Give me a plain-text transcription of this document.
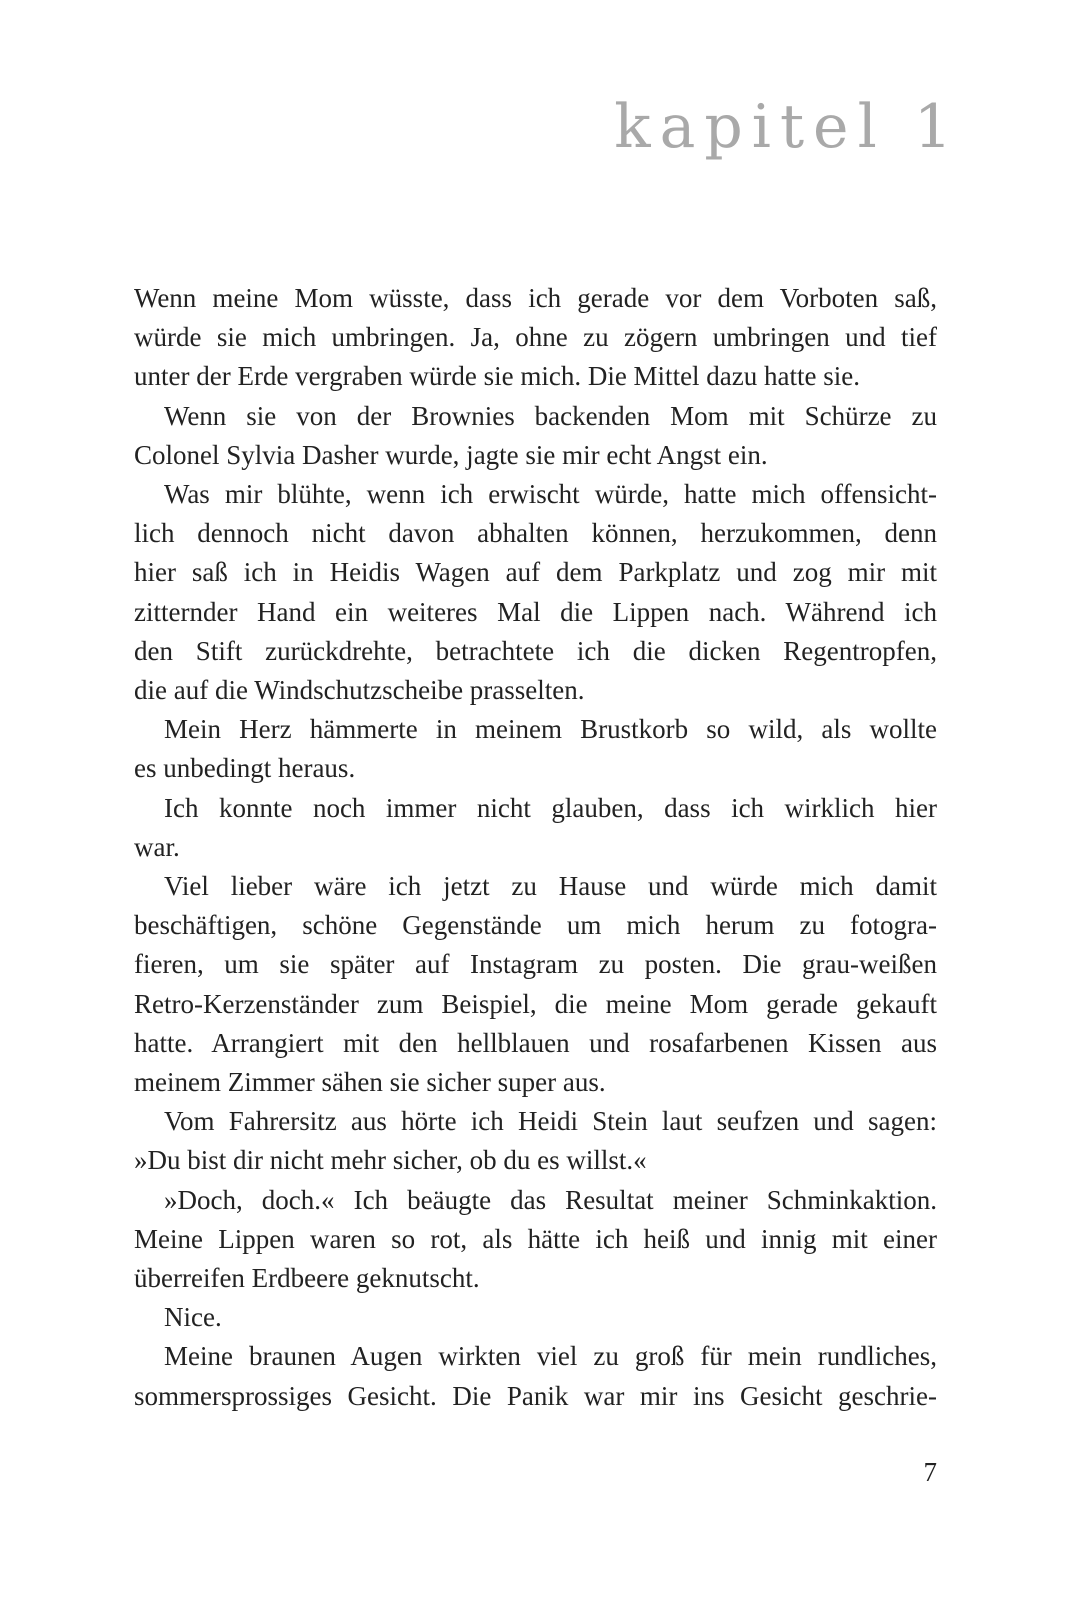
kapitel 1

Wenn meine Mom wüsste, dass ich gerade vor dem Vorboten saß,

würde sie mich umbringen. Ja, ohne zu zögern umbringen und tief

unter der Erde vergraben würde sie mich. Die Mittel dazu hatte sie.

Wenn sie von der Brownies backenden Mom mit Schürze zu

Colonel Sylvia Dasher wurde, jagte sie mir echt Angst ein.

Was mir blühte, wenn ich erwischt würde, hatte mich offensicht-

lich dennoch nicht davon abhalten können, herzukommen, denn

hier saß ich in Heidis Wagen auf dem Parkplatz und zog mir mit

zitternder Hand ein weiteres Mal die Lippen nach. Während ich

den Stift zurückdrehte, betrachtete ich die dicken Regentropfen,

die auf die Windschutzscheibe prasselten.

Mein Herz hämmerte in meinem Brustkorb so wild, als wollte

es unbedingt heraus.

Ich konnte noch immer nicht glauben, dass ich wirklich hier

war.

Viel lieber wäre ich jetzt zu Hause und würde mich damit

beschäftigen, schöne Gegenstände um mich herum zu fotogra-

fieren, um sie später auf Instagram zu posten. Die grau-weißen

Retro-Kerzenständer zum Beispiel, die meine Mom gerade gekauft

hatte. Arrangiert mit den hellblauen und rosafarbenen Kissen aus

meinem Zimmer sähen sie sicher super aus.

Vom Fahrersitz aus hörte ich Heidi Stein laut seufzen und sagen:

»Du bist dir nicht mehr sicher, ob du es willst.«

»Doch, doch.« Ich beäugte das Resultat meiner Schminkaktion.

Meine Lippen waren so rot, als hätte ich heiß und innig mit einer

überreifen Erdbeere geknutscht.

Nice.

Meine braunen Augen wirkten viel zu groß für mein rundliches,

sommersprossiges Gesicht. Die Panik war mir ins Gesicht geschrie-

7
